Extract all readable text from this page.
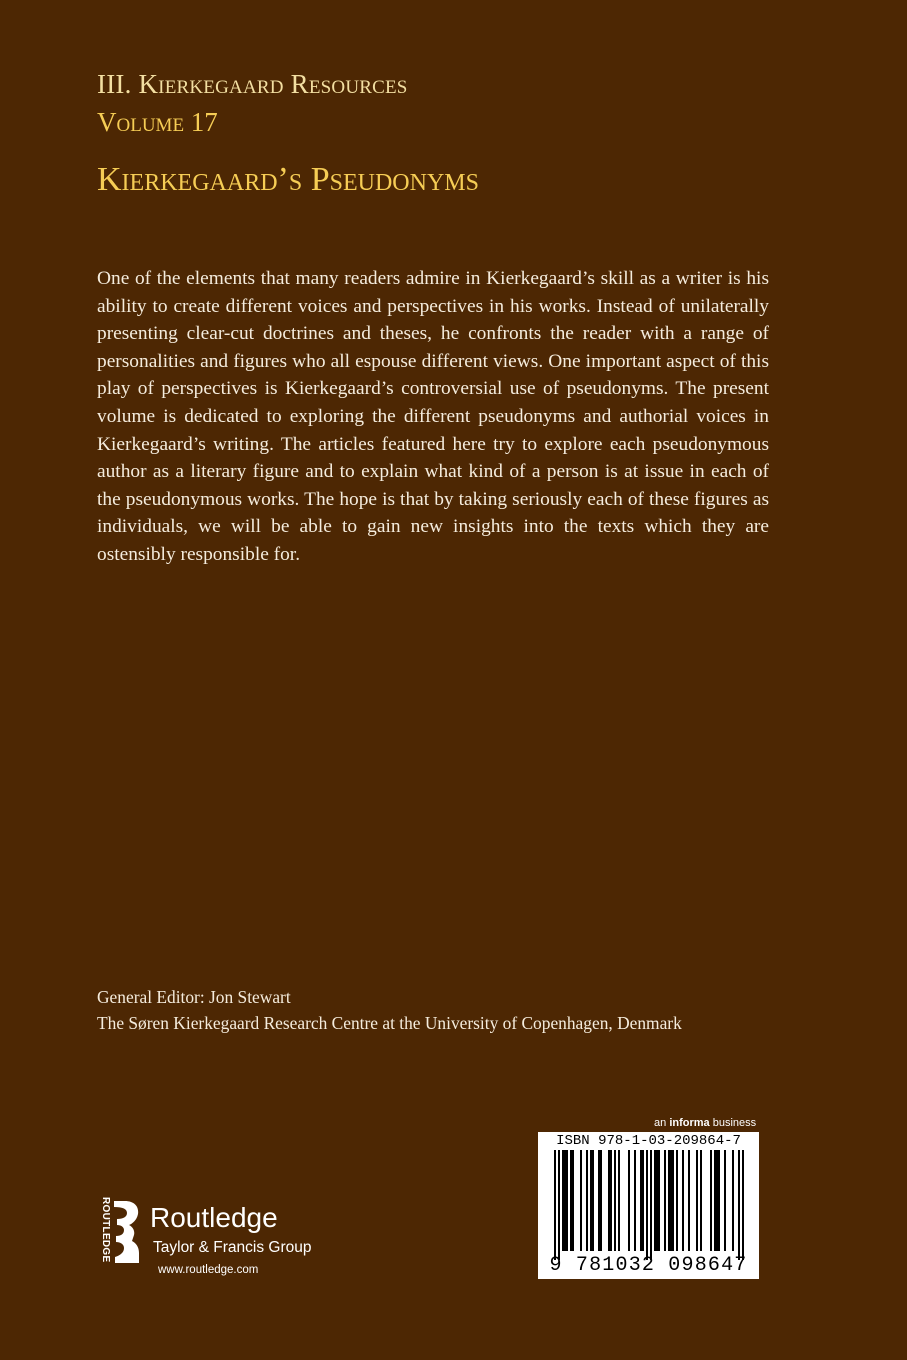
III. Kierkegaard Resources
Volume 17
Kierkegaard’s Pseudonyms

One of the elements that many readers admire in Kierkegaard’s skill as a writer is his ability to create different voices and perspectives in his works. Instead of unilaterally presenting clear-cut doctrines and theses, he confronts the reader with a range of personalities and figures who all espouse different views. One important aspect of this play of perspectives is Kierkegaard’s controversial use of pseudonyms. The present volume is dedicated to exploring the different pseudonyms and authorial voices in Kierkegaard’s writing. The articles featured here try to explore each pseudonymous author as a literary figure and to explain what kind of a person is at issue in each of the pseudonymous works. The hope is that by taking seriously each of these figures as individuals, we will be able to gain new insights into the texts which they are ostensibly responsible for.

General Editor: Jon Stewart
The Søren Kierkegaard Research Centre at the University of Copenhagen, Denmark
ROUTLEDGE Routledge
Taylor & Francis Group
www.routledge.com
an informa business
ISBN 978-1-03-209864-7
9 781032 098647
